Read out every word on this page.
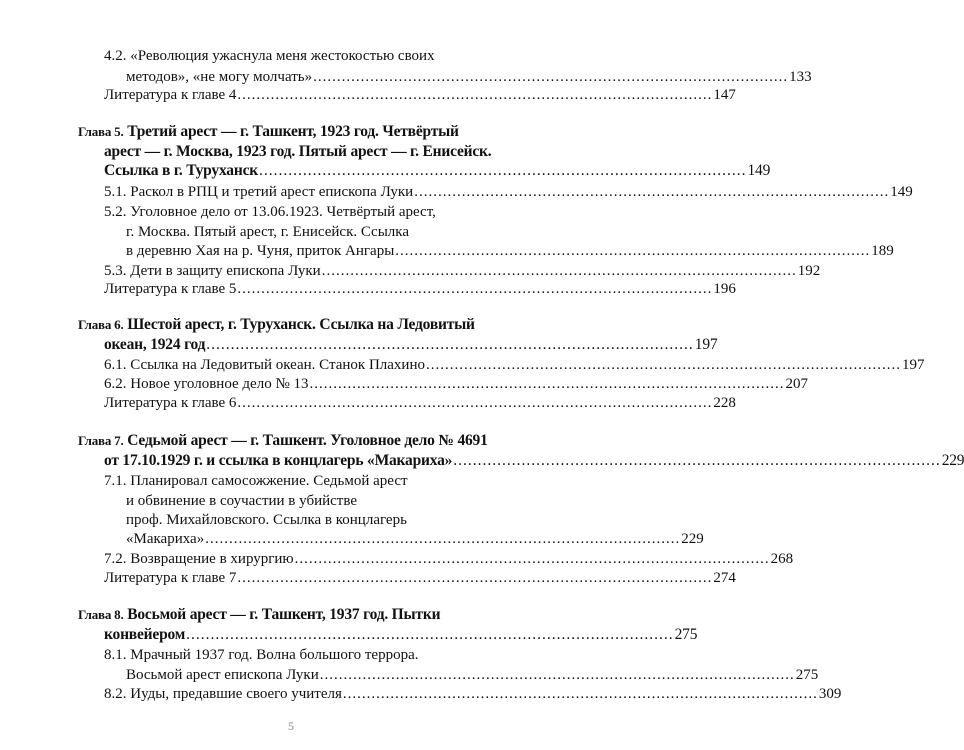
4.2. «Революция ужаснула меня жестокостью своих
методов», «не могу молчать» .................................................................................................... 133
Литература к главе 4 .................................................................................................... 147
Глава 5. Третий арест — г. Ташкент, 1923 год. Четвёртый
арест — г. Москва, 1923 год. Пятый арест — г. Енисейск.
Ссылка в г. Туруханск .................................................................................................... 149
5.1. Раскол в РПЦ и третий арест епископа Луки .................................................................................................... 149
5.2. Уголовное дело от 13.06.1923. Четвёртый арест,
г. Москва. Пятый арест, г. Енисейск. Ссылка
в деревню Хая на р. Чуня, приток Ангары .................................................................................................... 189
5.3. Дети в защиту епископа Луки .................................................................................................... 192
Литература к главе 5 .................................................................................................... 196
Глава 6. Шестой арест, г. Туруханск. Ссылка на Ледовитый
океан, 1924 год .................................................................................................... 197
6.1. Ссылка на Ледовитый океан. Станок Плахино .................................................................................................... 197
6.2. Новое уголовное дело № 13 .................................................................................................... 207
Литература к главе 6 .................................................................................................... 228
Глава 7. Седьмой арест — г. Ташкент. Уголовное дело № 4691
от 17.10.1929 г. и ссылка в концлагерь «Макариха» .................................................................................................... 229
7.1. Планировал самосожжение. Седьмой арест
и обвинение в соучастии в убийстве
проф. Михайловского. Ссылка в концлагерь
«Макариха» .................................................................................................... 229
7.2. Возвращение в хирургию .................................................................................................... 268
Литература к главе 7 .................................................................................................... 274
Глава 8. Восьмой арест — г. Ташкент, 1937 год. Пытки
конвейером .................................................................................................... 275
8.1. Мрачный 1937 год. Волна большого террора.
Восьмой арест епископа Луки .................................................................................................... 275
8.2. Иуды, предавшие своего учителя .................................................................................................... 309
5
